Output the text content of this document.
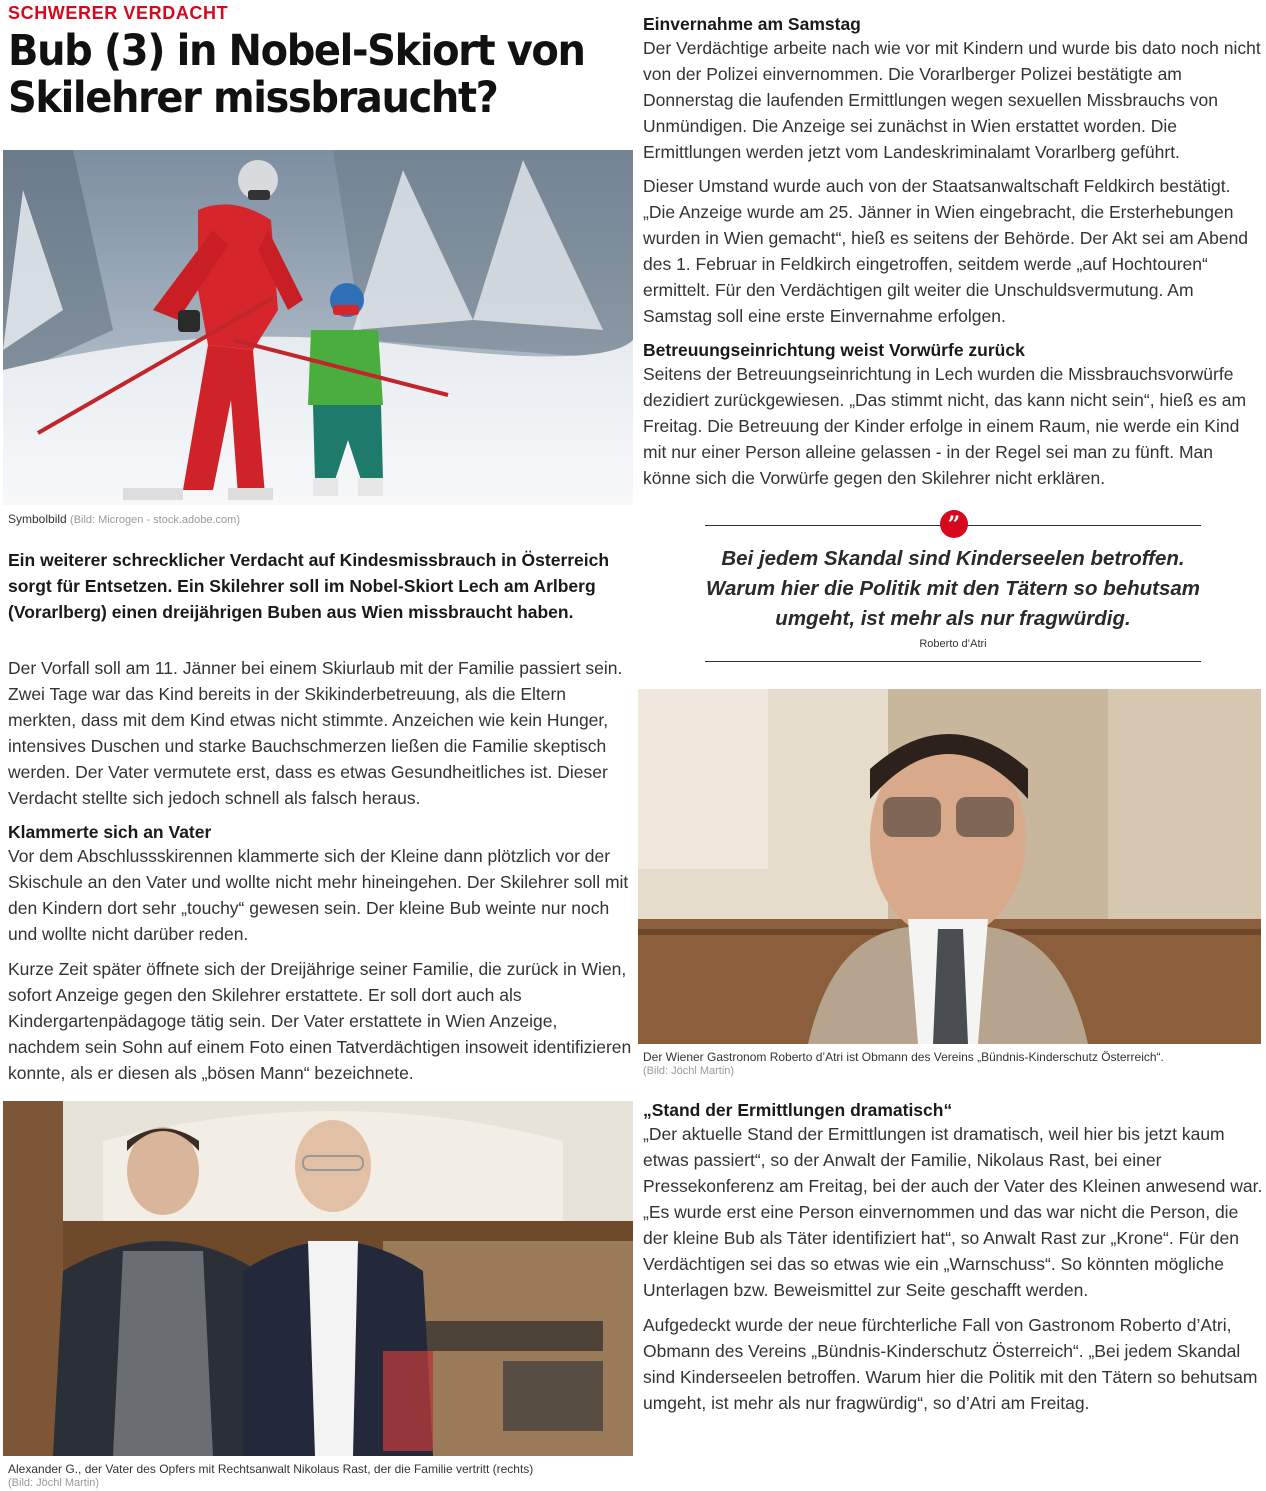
SCHWERER VERDACHT
Bub (3) in Nobel-Skiort von Skilehrer missbraucht?
Symbolbild (Bild: Microgen - stock.adobe.com)

Ein weiterer schrecklicher Verdacht auf Kindesmissbrauch in Österreich sorgt für Entsetzen. Ein Skilehrer soll im Nobel-Skiort Lech am Arlberg (Vorarlberg) einen dreijährigen Buben aus Wien missbraucht haben.

Der Vorfall soll am 11. Jänner bei einem Skiurlaub mit der Familie passiert sein. Zwei Tage war das Kind bereits in der Skikinderbetreuung, als die Eltern merkten, dass mit dem Kind etwas nicht stimmte. Anzeichen wie kein Hunger, intensives Duschen und starke Bauchschmerzen ließen die Familie skeptisch werden. Der Vater vermutete erst, dass es etwas Gesundheitliches ist. Dieser Verdacht stellte sich jedoch schnell als falsch heraus.

Klammerte sich an Vater

Vor dem Abschlussskirennen klammerte sich der Kleine dann plötzlich vor der Skischule an den Vater und wollte nicht mehr hineingehen. Der Skilehrer soll mit den Kindern dort sehr „touchy“ gewesen sein. Der kleine Bub weinte nur noch und wollte nicht darüber reden.

Kurze Zeit später öffnete sich der Dreijährige seiner Familie, die zurück in Wien, sofort Anzeige gegen den Skilehrer erstattete. Er soll dort auch als Kindergartenpädagoge tätig sein. Der Vater erstattete in Wien Anzeige, nachdem sein Sohn auf einem Foto einen Tatverdächtigen insoweit identifizieren konnte, als er diesen als „bösen Mann“ bezeichnete.

Alexander G., der Vater des Opfers mit Rechtsanwalt Nikolaus Rast, der die Familie vertritt (rechts)
(Bild: Jöchl Martin)

Einvernahme am Samstag

Der Verdächtige arbeite nach wie vor mit Kindern und wurde bis dato noch nicht von der Polizei einvernommen. Die Vorarlberger Polizei bestätigte am Donnerstag die laufenden Ermittlungen wegen sexuellen Missbrauchs von Unmündigen. Die Anzeige sei zunächst in Wien erstattet worden. Die Ermittlungen werden jetzt vom Landeskriminalamt Vorarlberg geführt.

Dieser Umstand wurde auch von der Staatsanwaltschaft Feldkirch bestätigt. „Die Anzeige wurde am 25. Jänner in Wien eingebracht, die Ersterhebungen wurden in Wien gemacht“, hieß es seitens der Behörde. Der Akt sei am Abend des 1. Februar in Feldkirch eingetroffen, seitdem werde „auf Hochtouren“ ermittelt. Für den Verdächtigen gilt weiter die Unschuldsvermutung. Am Samstag soll eine erste Einvernahme erfolgen.

Betreuungseinrichtung weist Vorwürfe zurück

Seitens der Betreuungseinrichtung in Lech wurden die Missbrauchsvorwürfe dezidiert zurückgewiesen. „Das stimmt nicht, das kann nicht sein“, hieß es am Freitag. Die Betreuung der Kinder erfolge in einem Raum, nie werde ein Kind mit nur einer Person alleine gelassen - in der Regel sei man zu fünft. Man könne sich die Vorwürfe gegen den Skilehrer nicht erklären.

”
Bei jedem Skandal sind Kinderseelen betroffen. Warum hier die Politik mit den Tätern so behutsam umgeht, ist mehr als nur fragwürdig.
Roberto d’Atri
Der Wiener Gastronom Roberto d’Atri ist Obmann des Vereins „Bündnis-Kinderschutz Österreich“.
(Bild: Jöchl Martin)

„Stand der Ermittlungen dramatisch“

„Der aktuelle Stand der Ermittlungen ist dramatisch, weil hier bis jetzt kaum etwas passiert“, so der Anwalt der Familie, Nikolaus Rast, bei einer Pressekonferenz am Freitag, bei der auch der Vater des Kleinen anwesend war. „Es wurde erst eine Person einvernommen und das war nicht die Person, die der kleine Bub als Täter identifiziert hat“, so Anwalt Rast zur „Krone“. Für den Verdächtigen sei das so etwas wie ein „Warnschuss“. So könnten mögliche Unterlagen bzw. Beweismittel zur Seite geschafft werden.

Aufgedeckt wurde der neue fürchterliche Fall von Gastronom Roberto d’Atri, Obmann des Vereins „Bündnis-Kinderschutz Österreich“. „Bei jedem Skandal sind Kinderseelen betroffen. Warum hier die Politik mit den Tätern so behutsam umgeht, ist mehr als nur fragwürdig“, so d’Atri am Freitag.
